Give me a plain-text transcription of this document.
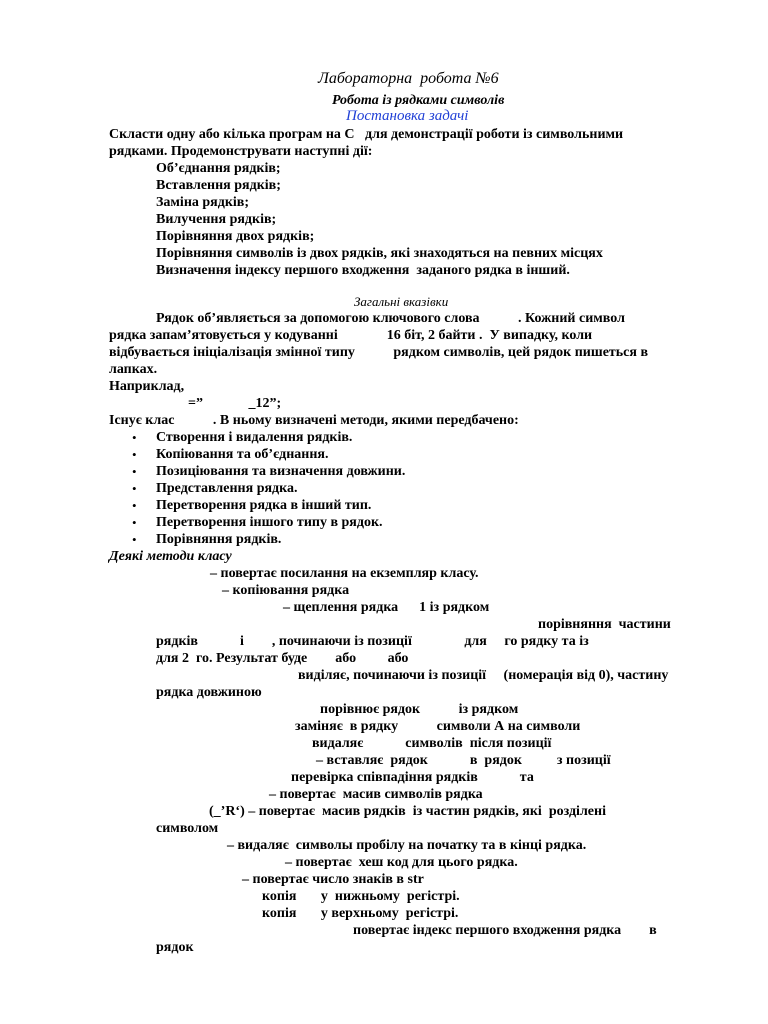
Лабораторна  робота №6
Робота із рядками символів
Постановка задачі
Скласти одну або кілька програм на С   для демонстрації роботи із символьними
рядками. Продемонструвати наступні дії:
Об’єднання рядків;
Вставлення рядків;
Заміна рядків;
Вилучення рядків;
Порівняння двох рядків;
Порівняння символів із двох рядків, які знаходяться на певних місцях
Визначення індексу першого входження  заданого рядка в інший.
Загальні вказівки
Рядок об’являється за допомогою ключового слова           . Кожний символ
рядка запам’ятовується у кодуванні              16 біт, 2 байти .  У випадку, коли
відбувається ініціалізація змінної типу           рядком символів, цей рядок пишеться в
лапках.
Наприклад,
=”             _12”;
Існує клас           . В ньому визначені методи, якими передбачено:
• Створення і видалення рядків.
• Копіювання та об’єднання.
• Позиціювання та визначення довжини.
• Представлення рядка.
• Перетворення рядка в інший тип.
• Перетворення іншого типу в рядок.
• Порівняння рядків.
Деякі методи класу
– повертає посилання на екземпляр класу.
– копіювання рядка
– щеплення рядка      1 із рядком
порівняння  частини
рядків            і        , починаючи із позиції               для     го рядку та із
для 2  го. Результат буде        або         або
виділяє, починаючи із позиції     (номерація від 0), частину
рядка довжиною
порівнює рядок           із рядком
заміняє  в рядку           символи А на символи
видаляє            символів  після позиції
– вставляє  рядок            в  рядок          з позиції
перевірка співпадіння рядків            та
– повертає  масив символів рядка
(_’R‘) – повертає  масив рядків  із частин рядків, які  розділені
символом
– видаляє  символы пробілу на початку та в кінці рядка.
– повертає  хеш код для цього рядка.
– повертає число знаків в str
копія       у  нижньому  регістрі.
копія       у верхньому  регістрі.
повертає індекс першого входження рядка        в
рядок
